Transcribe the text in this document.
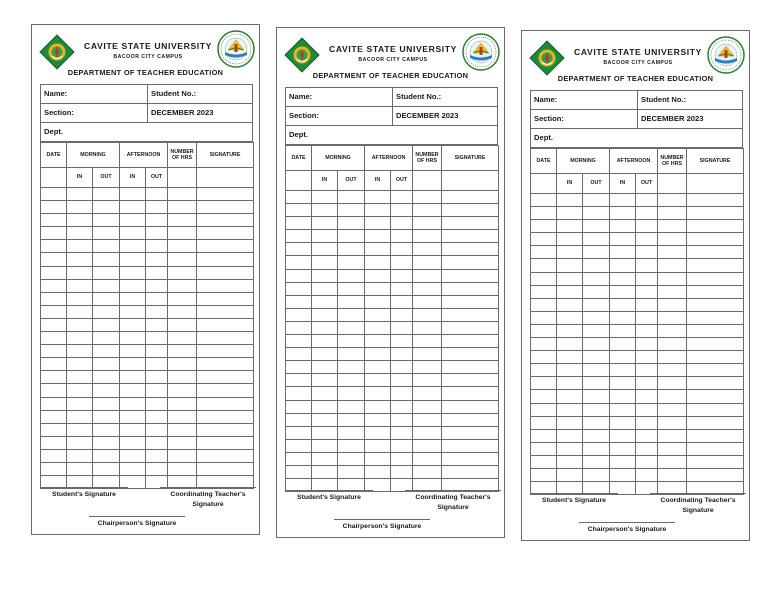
CAVITE STATE UNIVERSITY
BACOOR CITY CAMPUS
DEPARTMENT OF TEACHER EDUCATION
Name:	Student No.:
Section:	DECEMBER 2023
Dept.
DATE	MORNING		AFTERNOON		NUMBER OF HRS	SIGNATURE
	IN	OUT	IN	OUT		

Student's Signature	Coordinating Teacher's Signature
Chairperson's Signature
CAVITE STATE UNIVERSITY
BACOOR CITY CAMPUS
DEPARTMENT OF TEACHER EDUCATION
Name:	Student No.:
Section:	DECEMBER 2023
Dept.
DATE	MORNING		AFTERNOON		NUMBER OF HRS	SIGNATURE
	IN	OUT	IN	OUT		

Student's Signature	Coordinating Teacher's Signature
Chairperson's Signature
CAVITE STATE UNIVERSITY
BACOOR CITY CAMPUS
DEPARTMENT OF TEACHER EDUCATION
Name:	Student No.:
Section:	DECEMBER 2023
Dept.
DATE	MORNING		AFTERNOON		NUMBER OF HRS	SIGNATURE
	IN	OUT	IN	OUT		

Student's Signature	Coordinating Teacher's Signature
Chairperson's Signature
